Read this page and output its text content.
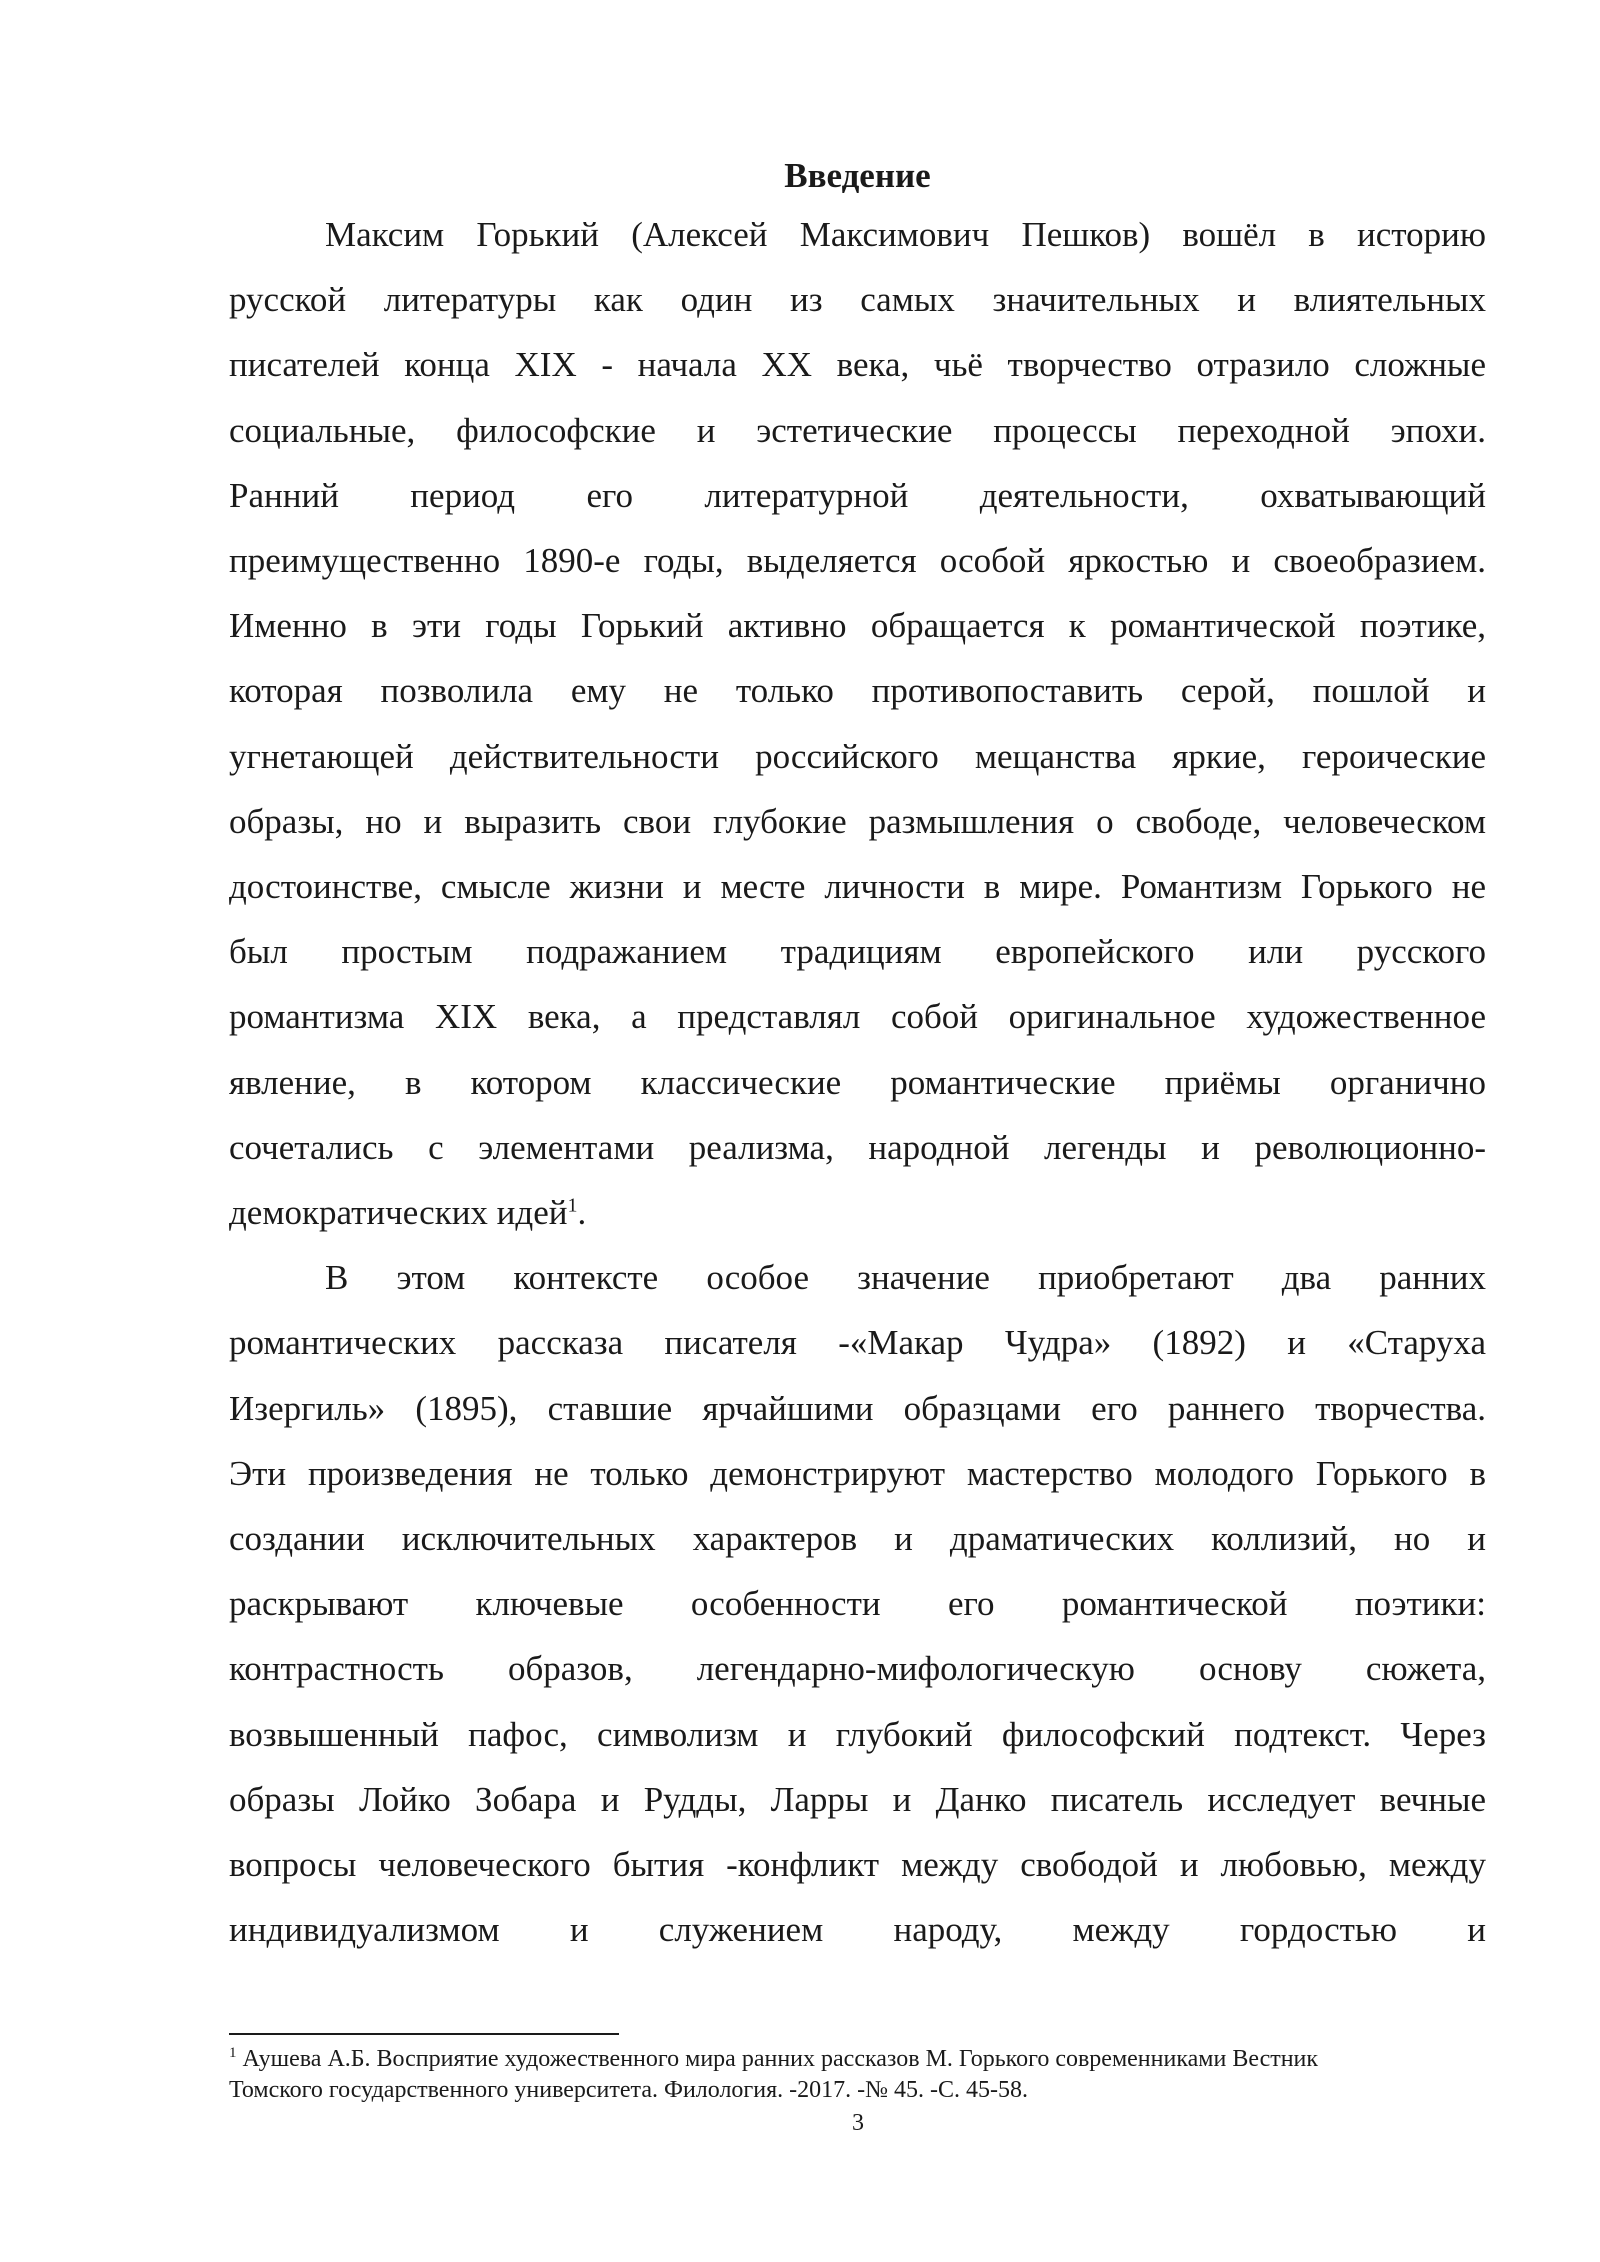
Введение

Максим Горький (Алексей Максимович Пешков) вошёл в историю
русской литературы как один из самых значительных и влиятельных
писателей конца XIX - начала XX века, чьё творчество отразило сложные
социальные, философские и эстетические процессы переходной эпохи.
Ранний период его литературной деятельности, охватывающий
преимущественно 1890-е годы, выделяется особой яркостью и своеобразием.
Именно в эти годы Горький активно обращается к романтической поэтике,
которая позволила ему не только противопоставить серой, пошлой и
угнетающей действительности российского мещанства яркие, героические
образы, но и выразить свои глубокие размышления о свободе, человеческом
достоинстве, смысле жизни и месте личности в мире. Романтизм Горького не
был простым подражанием традициям европейского или русского
романтизма XIX века, а представлял собой оригинальное художественное
явление, в котором классические романтические приёмы органично
сочетались с элементами реализма, народной легенды и революционно-
демократических идей$^1$.

В этом контексте особое значение приобретают два ранних
романтических рассказа писателя -«Макар Чудра» (1892) и «Старуха
Изергиль» (1895), ставшие ярчайшими образцами его раннего творчества.
Эти произведения не только демонстрируют мастерство молодого Горького в
создании исключительных характеров и драматических коллизий, но и
раскрывают ключевые особенности его романтической поэтики:
контрастность образов, легендарно-мифологическую основу сюжета,
возвышенный пафос, символизм и глубокий философский подтекст. Через
образы Лойко Зобара и Рудды, Ларры и Данко писатель исследует вечные
вопросы человеческого бытия -конфликт между свободой и любовью, между
индивидуализмом и служением народу, между гордостью и

$^1$ Аушева А.Б. Восприятие художественного мира ранних рассказов М. Горького современниками Вестник
Томского государственного университета. Филология. -2017. -№ 45. -С. 45-58.

3
